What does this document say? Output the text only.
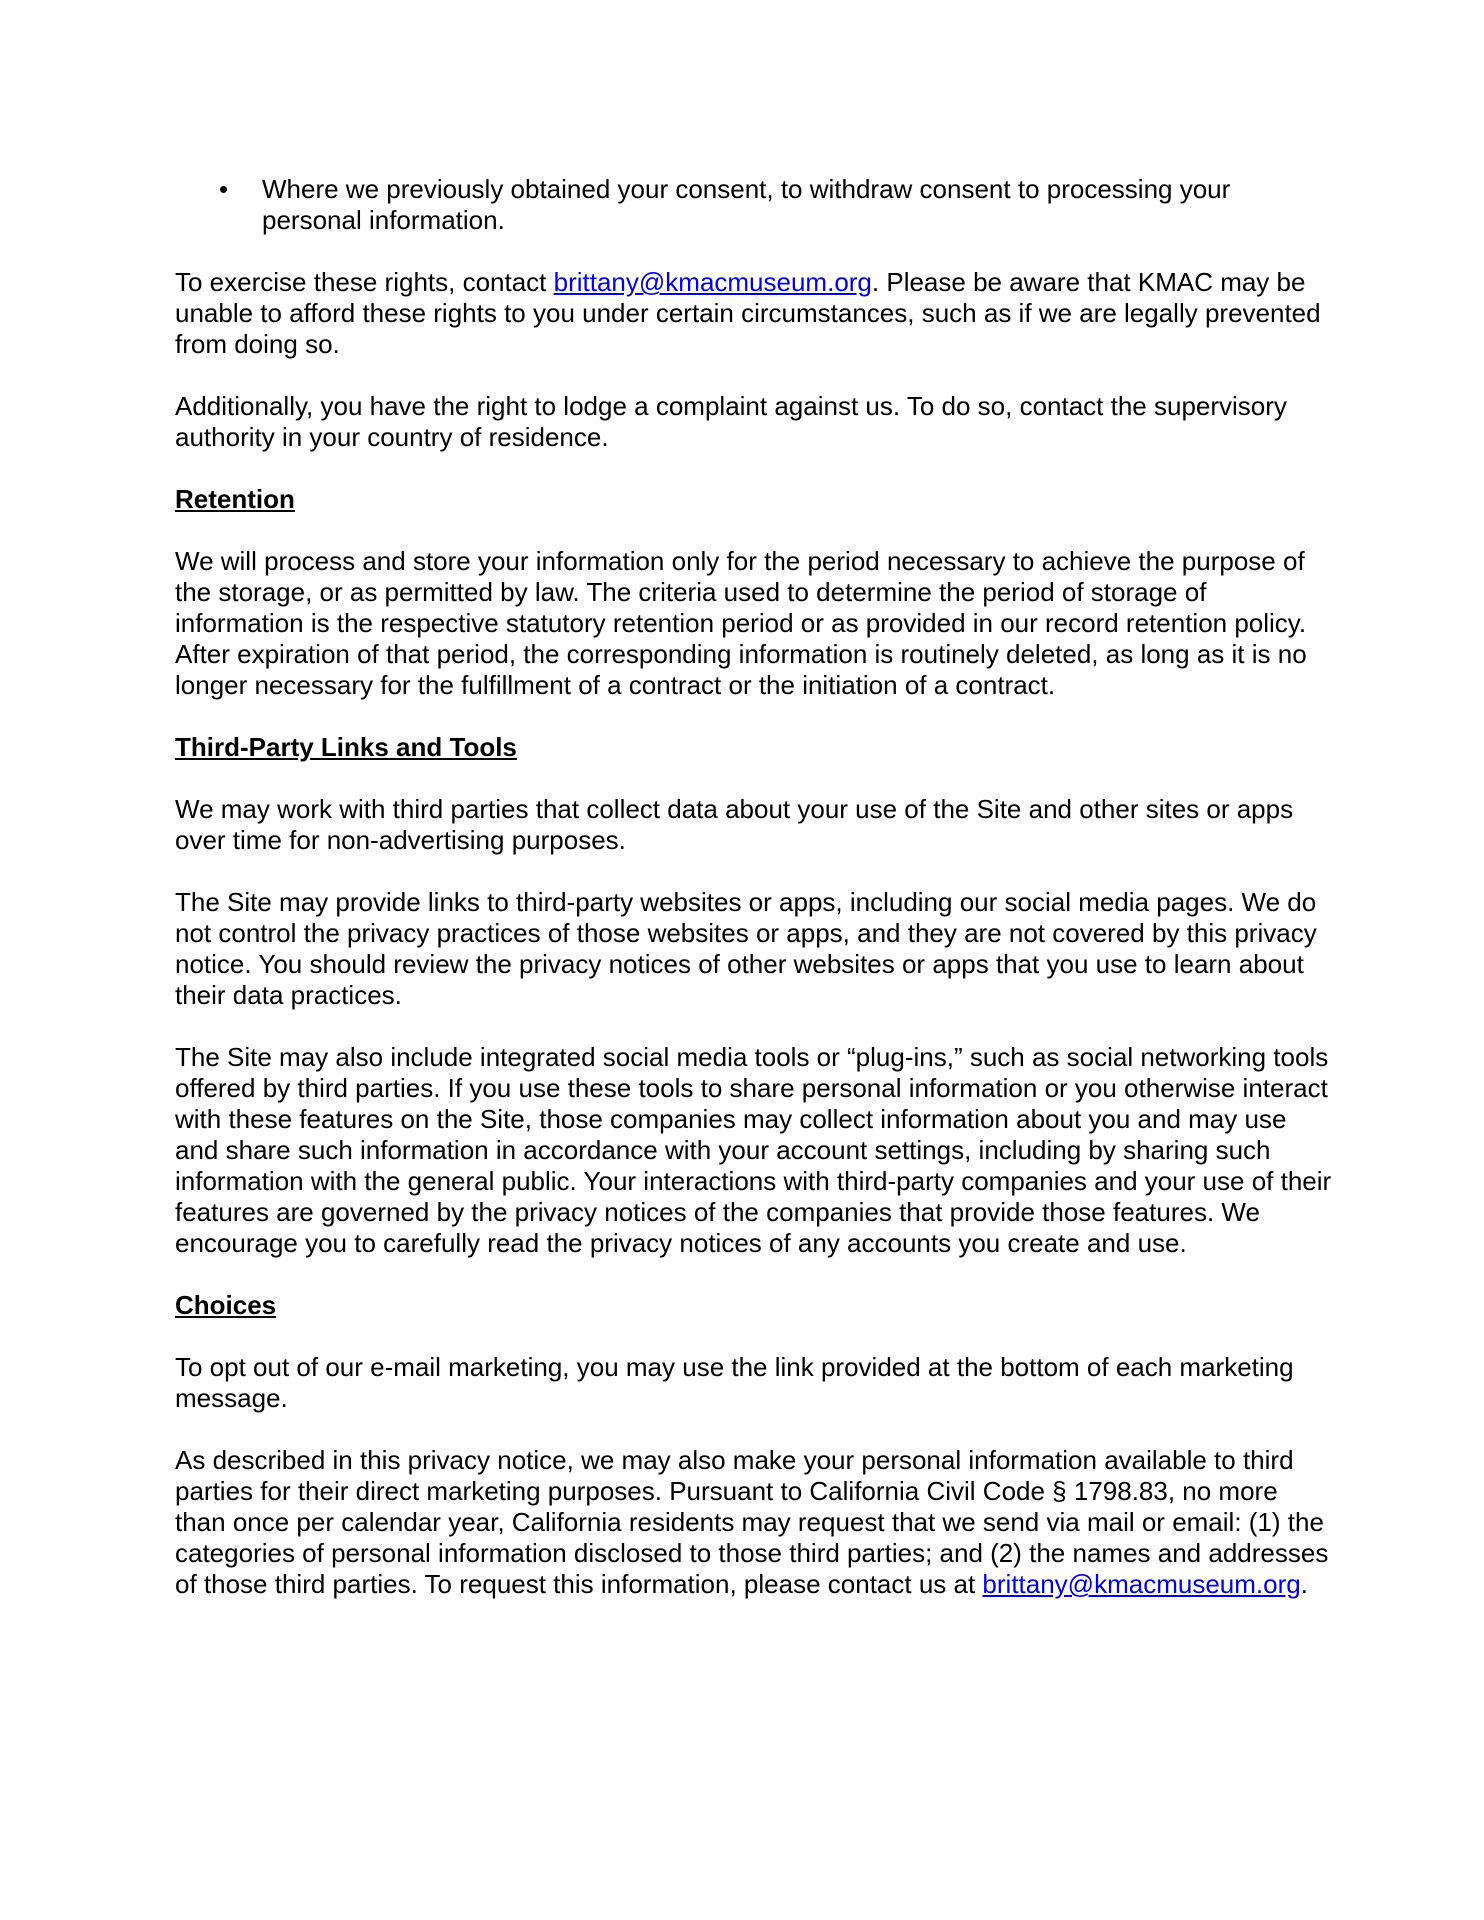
• Where we previously obtained your consent, to withdraw consent to processing your personal information.

To exercise these rights, contact brittany@kmacmuseum.org. Please be aware that KMAC may be unable to afford these rights to you under certain circumstances, such as if we are legally prevented from doing so.

Additionally, you have the right to lodge a complaint against us. To do so, contact the supervisory authority in your country of residence.

Retention

We will process and store your information only for the period necessary to achieve the purpose of the storage, or as permitted by law. The criteria used to determine the period of storage of information is the respective statutory retention period or as provided in our record retention policy. After expiration of that period, the corresponding information is routinely deleted, as long as it is no longer necessary for the fulfillment of a contract or the initiation of a contract.

Third-Party Links and Tools

We may work with third parties that collect data about your use of the Site and other sites or apps over time for non-advertising purposes.

The Site may provide links to third-party websites or apps, including our social media pages. We do not control the privacy practices of those websites or apps, and they are not covered by this privacy notice. You should review the privacy notices of other websites or apps that you use to learn about their data practices.

The Site may also include integrated social media tools or “plug-ins,” such as social networking tools offered by third parties. If you use these tools to share personal information or you otherwise interact with these features on the Site, those companies may collect information about you and may use and share such information in accordance with your account settings, including by sharing such information with the general public. Your interactions with third-party companies and your use of their features are governed by the privacy notices of the companies that provide those features. We encourage you to carefully read the privacy notices of any accounts you create and use.

Choices

To opt out of our e-mail marketing, you may use the link provided at the bottom of each marketing message.

As described in this privacy notice, we may also make your personal information available to third parties for their direct marketing purposes. Pursuant to California Civil Code § 1798.83, no more than once per calendar year, California residents may request that we send via mail or email: (1) the categories of personal information disclosed to those third parties; and (2) the names and addresses of those third parties. To request this information, please contact us at brittany@kmacmuseum.org.
